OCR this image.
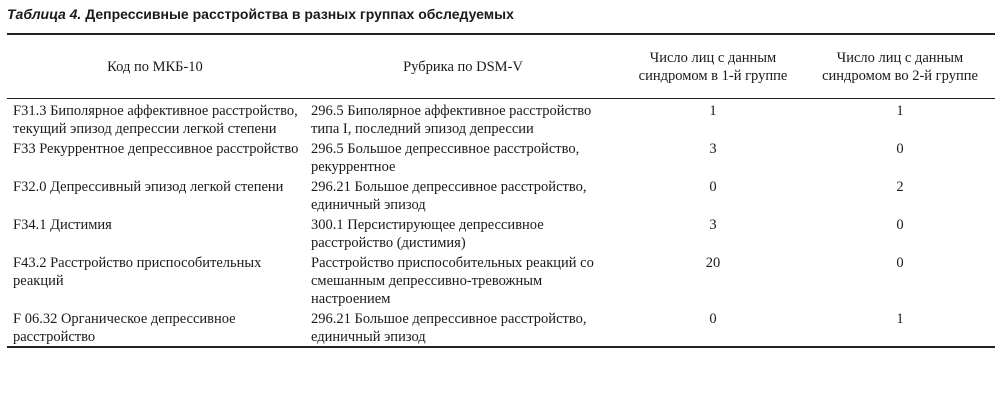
Таблица 4. Депрессивные расстройства в разных группах обследуемых
Код по МКБ-10	Рубрика по DSM-V	Число лиц с данным синдромом в 1-й группе	Число лиц с данным синдромом во 2-й группе
F31.3 Биполярное аффективное расстройство, текущий эпизод депрессии легкой степени	296.5 Биполярное аффективное расстройство типа I, последний эпизод депрессии	1	1
F33 Рекуррентное депрессивное расстройство	296.5 Большое депрессивное расстройство, рекуррентное	3	0
F32.0 Депрессивный эпизод легкой степени	296.21 Большое депрессивное расстройство, единичный эпизод	0	2
F34.1 Дистимия	300.1 Персистирующее депрессивное расстройство (дистимия)	3	0
F43.2 Расстройство приспособительных реакций	Расстройство приспособительных реакций со смешанным депрессивно-тревожным настроением	20	0
F 06.32 Органическое депрессивное расстройство	296.21 Большое депрессивное расстройство, единичный эпизод	0	1
